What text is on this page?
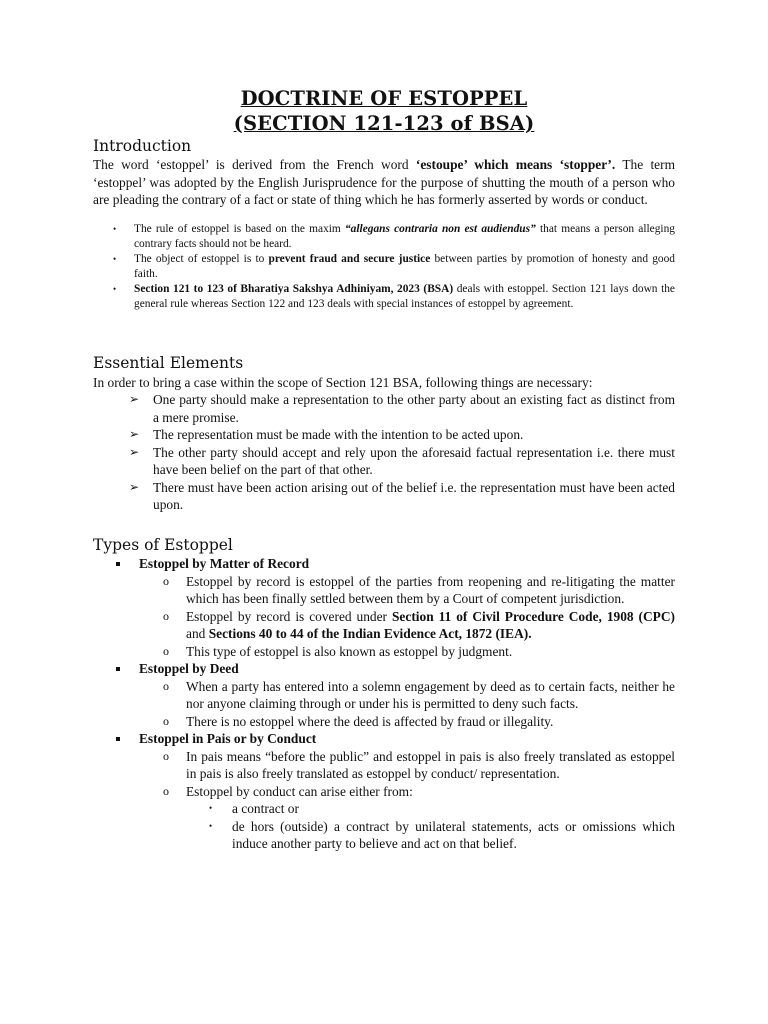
DOCTRINE OF ESTOPPEL
(SECTION 121-123 of BSA)
Introduction
The word ‘estoppel’ is derived from the French word ‘estoupe’ which means ‘stopper’. The term ‘estoppel’ was adopted by the English Jurisprudence for the purpose of shutting the mouth of a person who are pleading the contrary of a fact or state of thing which he has formerly asserted by words or conduct.

• The rule of estoppel is based on the maxim “allegans contraria non est audiendus” that means a person alleging contrary facts should not be heard.

• The object of estoppel is to prevent fraud and secure justice between parties by promotion of honesty and good faith.

• Section 121 to 123 of Bharatiya Sakshya Adhiniyam, 2023 (BSA) deals with estoppel. Section 121 lays down the general rule whereas Section 122 and 123 deals with special instances of estoppel by agreement.

Essential Elements
In order to bring a case within the scope of Section 121 BSA, following things are necessary:

➢ One party should make a representation to the other party about an existing fact as distinct from a mere promise.

➢ The representation must be made with the intention to be acted upon.

➢ The other party should accept and rely upon the aforesaid factual representation i.e. there must have been belief on the part of that other.

➢ There must have been action arising out of the belief i.e. the representation must have been acted upon.

Types of Estoppel

Estoppel by Matter of Record

o Estoppel by record is estoppel of the parties from reopening and re-litigating the matter which has been finally settled between them by a Court of competent jurisdiction.

o Estoppel by record is covered under Section 11 of Civil Procedure Code, 1908 (CPC) and Sections 40 to 44 of the Indian Evidence Act, 1872 (IEA).

o This type of estoppel is also known as estoppel by judgment.

Estoppel by Deed

o When a party has entered into a solemn engagement by deed as to certain facts, neither he nor anyone claiming through or under his is permitted to deny such facts.

o There is no estoppel where the deed is affected by fraud or illegality.

Estoppel in Pais or by Conduct

o In pais means “before the public” and estoppel in pais is also freely translated as estoppel in pais is also freely translated as estoppel by conduct/ representation.

o Estoppel by conduct can arise either from:

• a contract or

• de hors (outside) a contract by unilateral statements, acts or omissions which induce another party to believe and act on that belief.
